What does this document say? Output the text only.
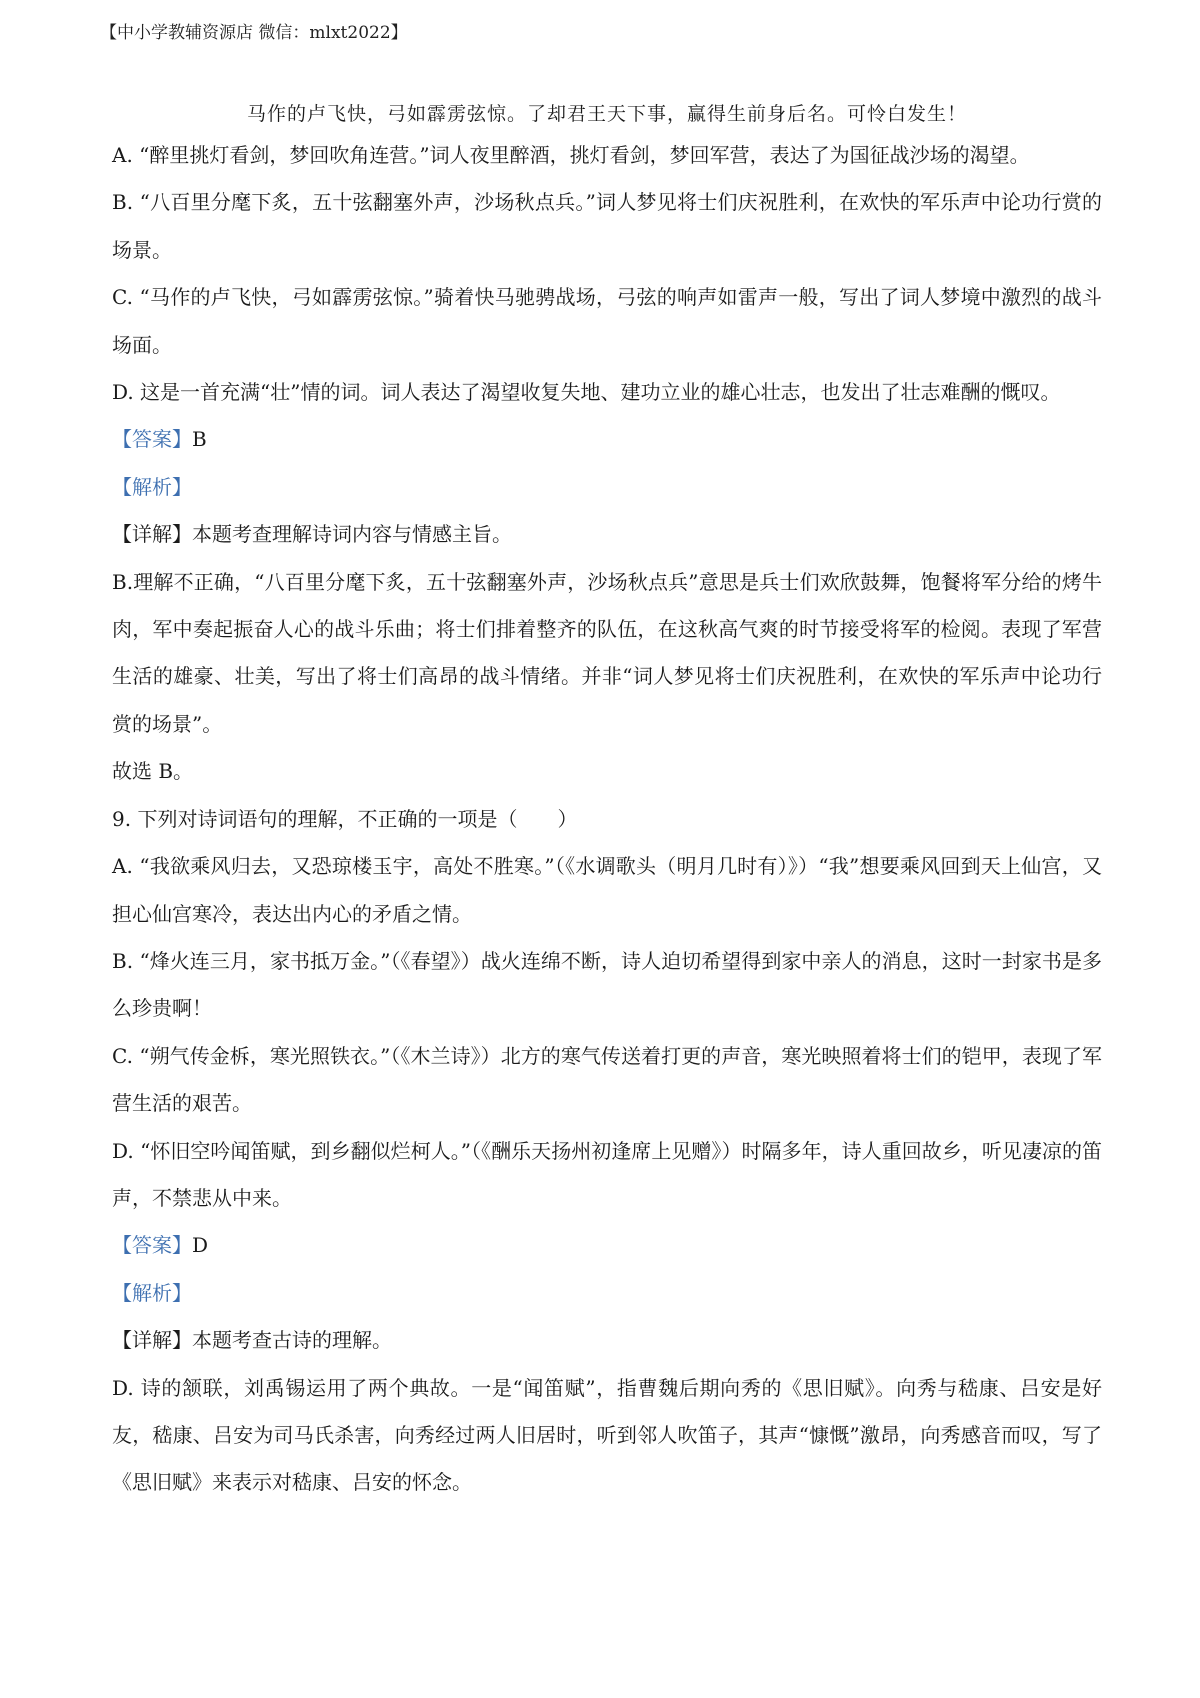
【中小学教辅资源店 微信：mlxt2022】
马作的卢飞快，弓如霹雳弦惊。了却君王天下事，赢得生前身后名。可怜白发生！

A. “醉里挑灯看剑，梦回吹角连营。”词人夜里醉酒，挑灯看剑，梦回军营，表达了为国征战沙场的渴望。

B. “八百里分麾下炙，五十弦翻塞外声，沙场秋点兵。”词人梦见将士们庆祝胜利，在欢快的军乐声中论功行赏的场景。

C. “马作的卢飞快，弓如霹雳弦惊。”骑着快马驰骋战场，弓弦的响声如雷声一般，写出了词人梦境中激烈的战斗场面。

D. 这是一首充满“壮”情的词。词人表达了渴望收复失地、建功立业的雄心壮志，也发出了壮志难酬的慨叹。

【答案】B

【解析】

【详解】本题考查理解诗词内容与情感主旨。

B.理解不正确，“八百里分麾下炙，五十弦翻塞外声，沙场秋点兵”意思是兵士们欢欣鼓舞，饱餐将军分给的烤牛肉，军中奏起振奋人心的战斗乐曲；将士们排着整齐的队伍，在这秋高气爽的时节接受将军的检阅。表现了军营生活的雄豪、壮美，写出了将士们高昂的战斗情绪。并非“词人梦见将士们庆祝胜利，在欢快的军乐声中论功行赏的场景”。

故选 B。

9. 下列对诗词语句的理解，不正确的一项是（　　）

A. “我欲乘风归去，又恐琼楼玉宇，高处不胜寒。”（《水调歌头（明月几时有）》）“我”想要乘风回到天上仙宫，又担心仙宫寒冷，表达出内心的矛盾之情。

B. “烽火连三月，家书抵万金。”（《春望》）战火连绵不断，诗人迫切希望得到家中亲人的消息，这时一封家书是多么珍贵啊！

C. “朔气传金柝，寒光照铁衣。”（《木兰诗》）北方的寒气传送着打更的声音，寒光映照着将士们的铠甲，表现了军营生活的艰苦。

D. “怀旧空吟闻笛赋，到乡翻似烂柯人。”（《酬乐天扬州初逢席上见赠》）时隔多年，诗人重回故乡，听见凄凉的笛声，不禁悲从中来。

【答案】D

【解析】

【详解】本题考查古诗的理解。

D. 诗的颔联，刘禹锡运用了两个典故。一是“闻笛赋”，指曹魏后期向秀的《思旧赋》。向秀与嵇康、吕安是好友，嵇康、吕安为司马氏杀害，向秀经过两人旧居时，听到邻人吹笛子，其声“慷慨”激昂，向秀感音而叹，写了《思旧赋》来表示对嵇康、吕安的怀念。
